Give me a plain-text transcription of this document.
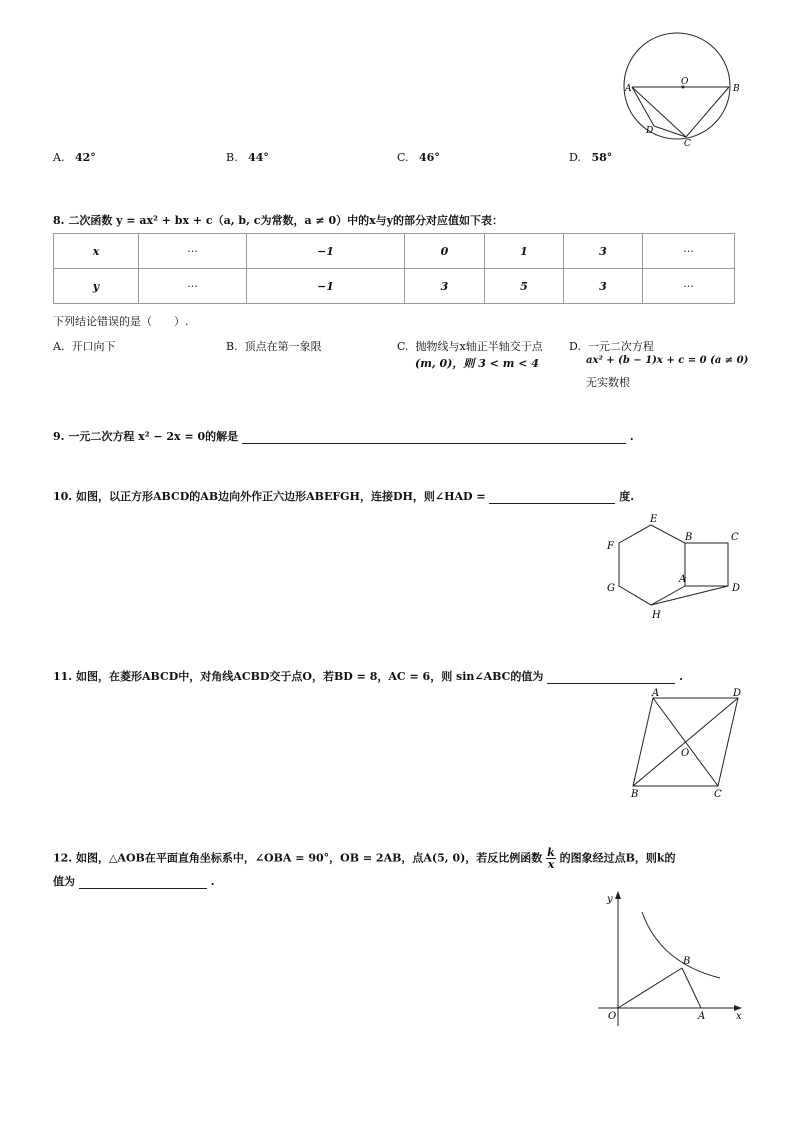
A. 42°	B. 44°	C. 46°	D. 58°
A
O
B
D
C
8. 二次函数 y = ax² + bx + c（a, b, c为常数，a ≠ 0）中的x与y的部分对应值如下表：
x	···	−1	0	1	3	···
y	···	−1	3	5	3	···
下列结论错误的是（　　）.
A. 开口向下	B. 顶点在第一象限	C. 抛物线与x轴正半轴交于点
(m, 0)，则 3 < m < 4
D. 一元二次方程
ax² + (b − 1)x + c = 0 (a ≠ 0)
无实数根
9. 一元二次方程 x² − 2x = 0的解是	.
10. 如图，以正方形ABCD的AB边向外作正六边形ABEFGH，连接DH，则∠HAD =	度.
E
B	C
F
G
A
D
H
11. 如图，在菱形ABCD中，对角线ACBD交于点O，若BD = 8，AC = 6，则 sin∠ABC的值为	.
A	D
O
B	C
12. 如图，△AOB在平面直角坐标系中，∠OBA = 90°，OB = 2AB，点A(5, 0)，若反比例函数 $\frac{k}{x}$ 的图象经过点B，则k的
值为	.
y
x
O	A
B
